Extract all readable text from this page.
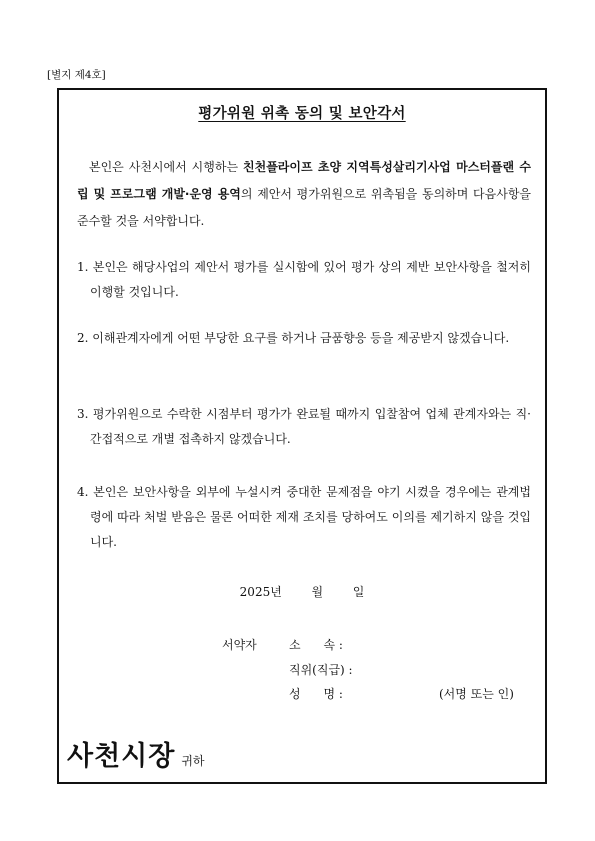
[별지 제4호]
평가위원 위촉 동의 및 보안각서
본인은 사천시에서 시행하는 친천플라이프 초양 지역특성살리기사업 마스터플랜 수립 및 프로그램 개발·운영 용역의 제안서 평가위원으로 위촉됨을 동의하며 다음사항을 준수할 것을 서약합니다.
1. 본인은 해당사업의 제안서 평가를 실시함에 있어 평가 상의 제반 보안사항을 철저히 이행할 것입니다.
2. 이해관계자에게 어떤 부당한 요구를 하거나 금품향응 등을 제공받지 않겠습니다.
3. 평가위원으로 수락한 시점부터 평가가 완료될 때까지 입찰참여 업체 관계자와는 직·간접적으로 개별 접촉하지 않겠습니다.
4. 본인은 보안사항을 외부에 누설시켜 중대한 문제점을 야기 시켰을 경우에는 관계법령에 따라 처벌 받음은 물론 어떠한 제재 조치를 당하여도 이의를 제기하지 않을 것입니다.
2025년 월 일
서약자	소      속 :
직위(직급) :
성      명 :	(서명 또는 인)
사천시장 귀하
